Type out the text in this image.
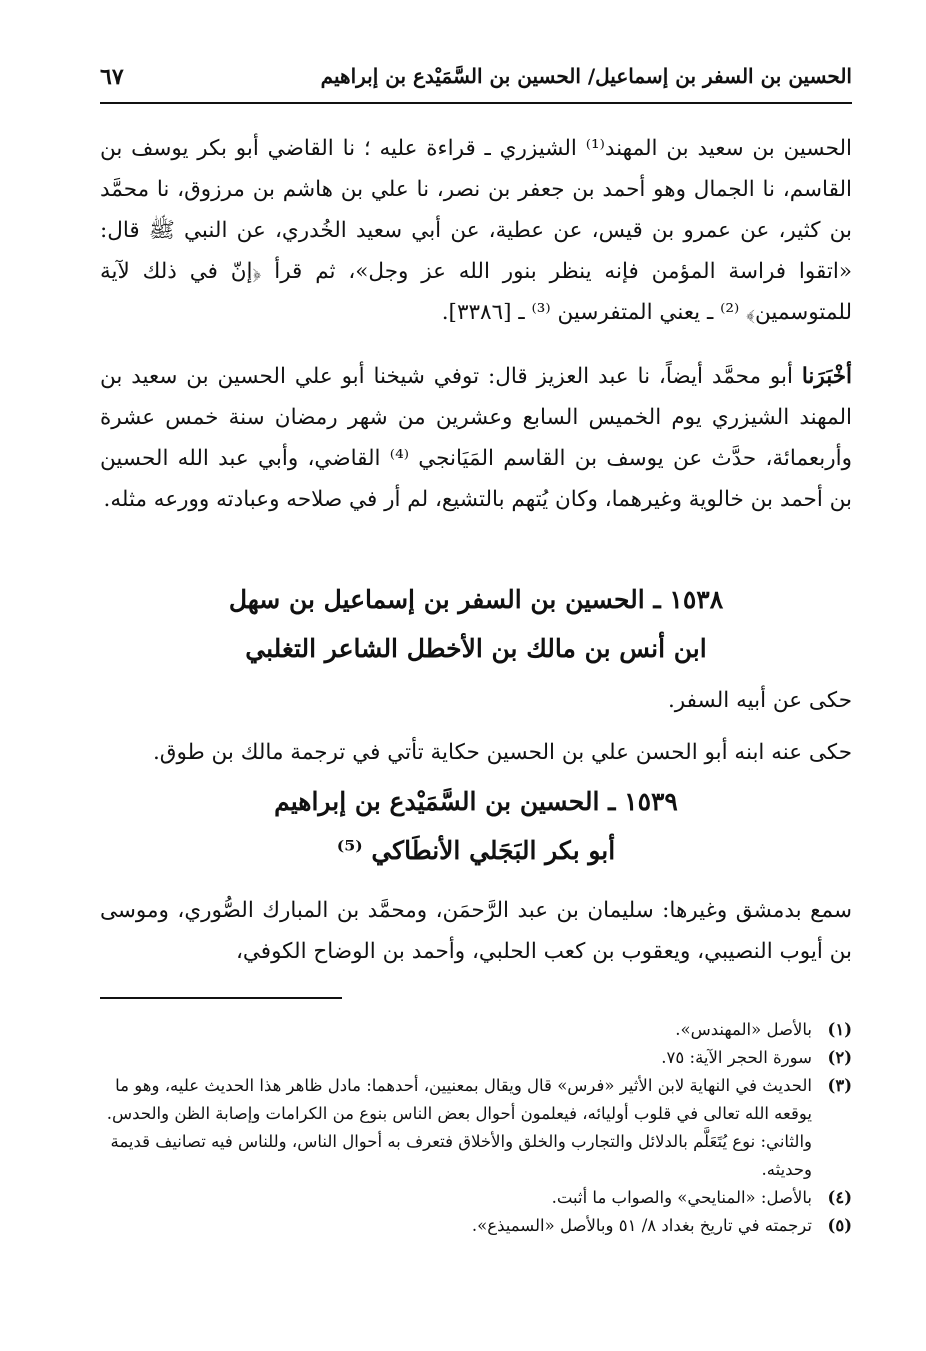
الحسين بن السفر بن إسماعيل/ الحسين بن السَّمَيْدع بن إبراهيم
٦٧
الحسين بن سعيد بن المهند⁽¹⁾ الشيزري ـ قراءة عليه ؛ نا القاضي أبو بكر يوسف بن القاسم، نا الجمال وهو أحمد بن جعفر بن نصر، نا علي بن هاشم بن مرزوق، نا محمَّد بن كثير، عن عمرو بن قيس، عن عطية، عن أبي سعيد الخُدري، عن النبي ﷺ قال: «اتقوا فراسة المؤمن فإنه ينظر بنور الله عز وجل»، ثم قرأ ﴿إنّ في ذلك لآية للمتوسمين﴾ ⁽²⁾ ـ يعني المتفرسين ⁽³⁾ ـ [٣٣٨٦].
أخْبَرَنا أبو محمَّد أيضاً، نا عبد العزيز قال: توفي شيخنا أبو علي الحسين بن سعيد بن المهند الشيزري يوم الخميس السابع وعشرين من شهر رمضان سنة خمس عشرة وأربعمائة، حدَّث عن يوسف بن القاسم المَيَانجي ⁽⁴⁾ القاضي، وأبي عبد الله الحسين بن أحمد بن خالوية وغيرهما، وكان يُتهم بالتشيع، لم أر في صلاحه وعبادته وورعه مثله.
١٥٣٨ ـ الحسين بن السفر بن إسماعيل بن سهل
ابن أنس بن مالك بن الأخطل الشاعر التغلبي
حكى عن أبيه السفر.
حكى عنه ابنه أبو الحسن علي بن الحسين حكاية تأتي في ترجمة مالك بن طوق.
١٥٣٩ ـ الحسين بن السَّمَيْدع بن إبراهيم
أبو بكر البَجَلي الأنطَاكي ⁽⁵⁾
سمع بدمشق وغيرها: سليمان بن عبد الرَّحمَن، ومحمَّد بن المبارك الصُّوري، وموسى بن أيوب النصيبي، ويعقوب بن كعب الحلبي، وأحمد بن الوضاح الكوفي،
(١)
بالأصل «المهندس».
(٢)
سورة الحجر الآية: ٧٥.
(٣)
الحديث في النهاية لابن الأثير «فرس» قال ويقال بمعنيين، أحدهما: مادل ظاهر هذا الحديث عليه، وهو ما يوقعه الله تعالى في قلوب أوليائه، فيعلمون أحوال بعض الناس بنوع من الكرامات وإصابة الظن والحدس. والثاني: نوع يُتَعَلَّم بالدلائل والتجارب والخلق والأخلاق فتعرف به أحوال الناس، وللناس فيه تصانيف قديمة وحديثه.
(٤)
بالأصل: «المنايحي» والصواب ما أثبت.
(٥)
ترجمته في تاريخ بغداد ٨/ ٥١ وبالأصل «السميذع».
